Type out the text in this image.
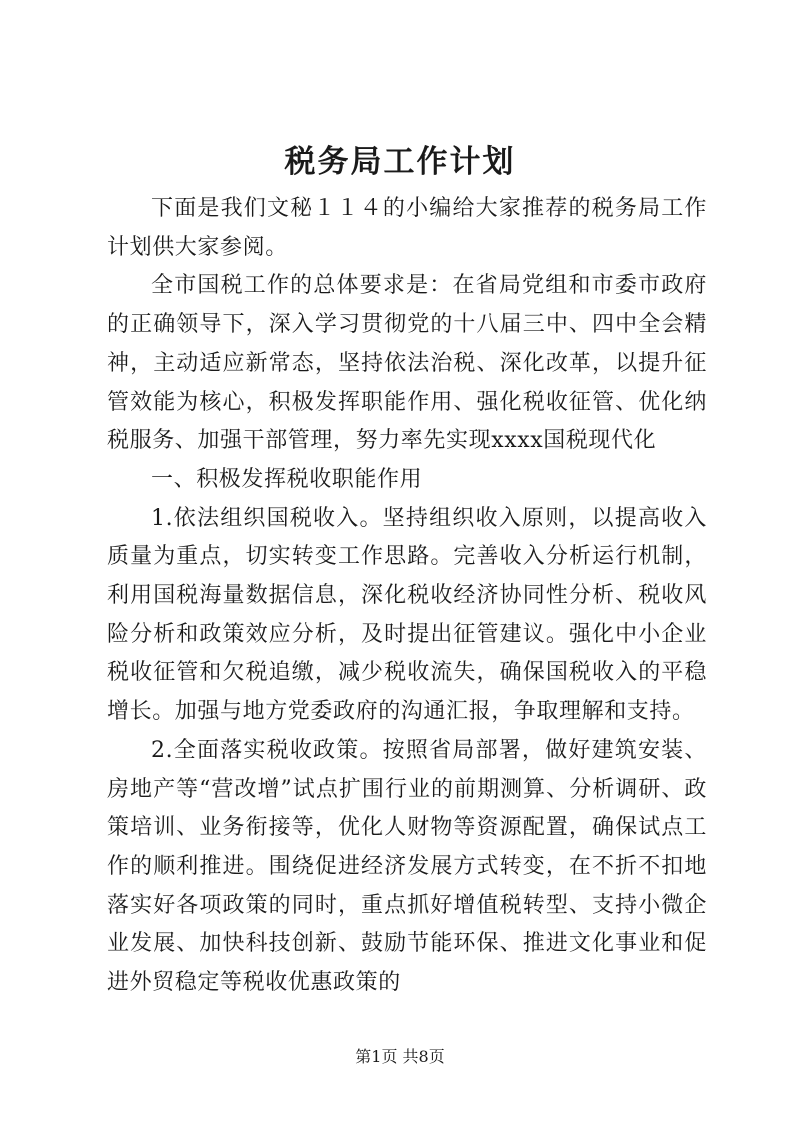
税务局工作计划

下面是我们文秘１１４的小编给大家推荐的税务局工作计划供大家参阅。

全市国税工作的总体要求是：在省局党组和市委市政府的正确领导下，深入学习贯彻党的十八届三中、四中全会精神，主动适应新常态，坚持依法治税、深化改革，以提升征管效能为核心，积极发挥职能作用、强化税收征管、优化纳税服务、加强干部管理，努力率先实现xxxx国税现代化

一、积极发挥税收职能作用

1.依法组织国税收入。坚持组织收入原则，以提高收入质量为重点，切实转变工作思路。完善收入分析运行机制，利用国税海量数据信息，深化税收经济协同性分析、税收风险分析和政策效应分析，及时提出征管建议。强化中小企业税收征管和欠税追缴，减少税收流失，确保国税收入的平稳增长。加强与地方党委政府的沟通汇报，争取理解和支持。

2.全面落实税收政策。按照省局部署，做好建筑安装、房地产等“营改增”试点扩围行业的前期测算、分析调研、政策培训、业务衔接等，优化人财物等资源配置，确保试点工作的顺利推进。围绕促进经济发展方式转变，在不折不扣地落实好各项政策的同时，重点抓好增值税转型、支持小微企业发展、加快科技创新、鼓励节能环保、推进文化事业和促进外贸稳定等税收优惠政策的

第1页 共8页
